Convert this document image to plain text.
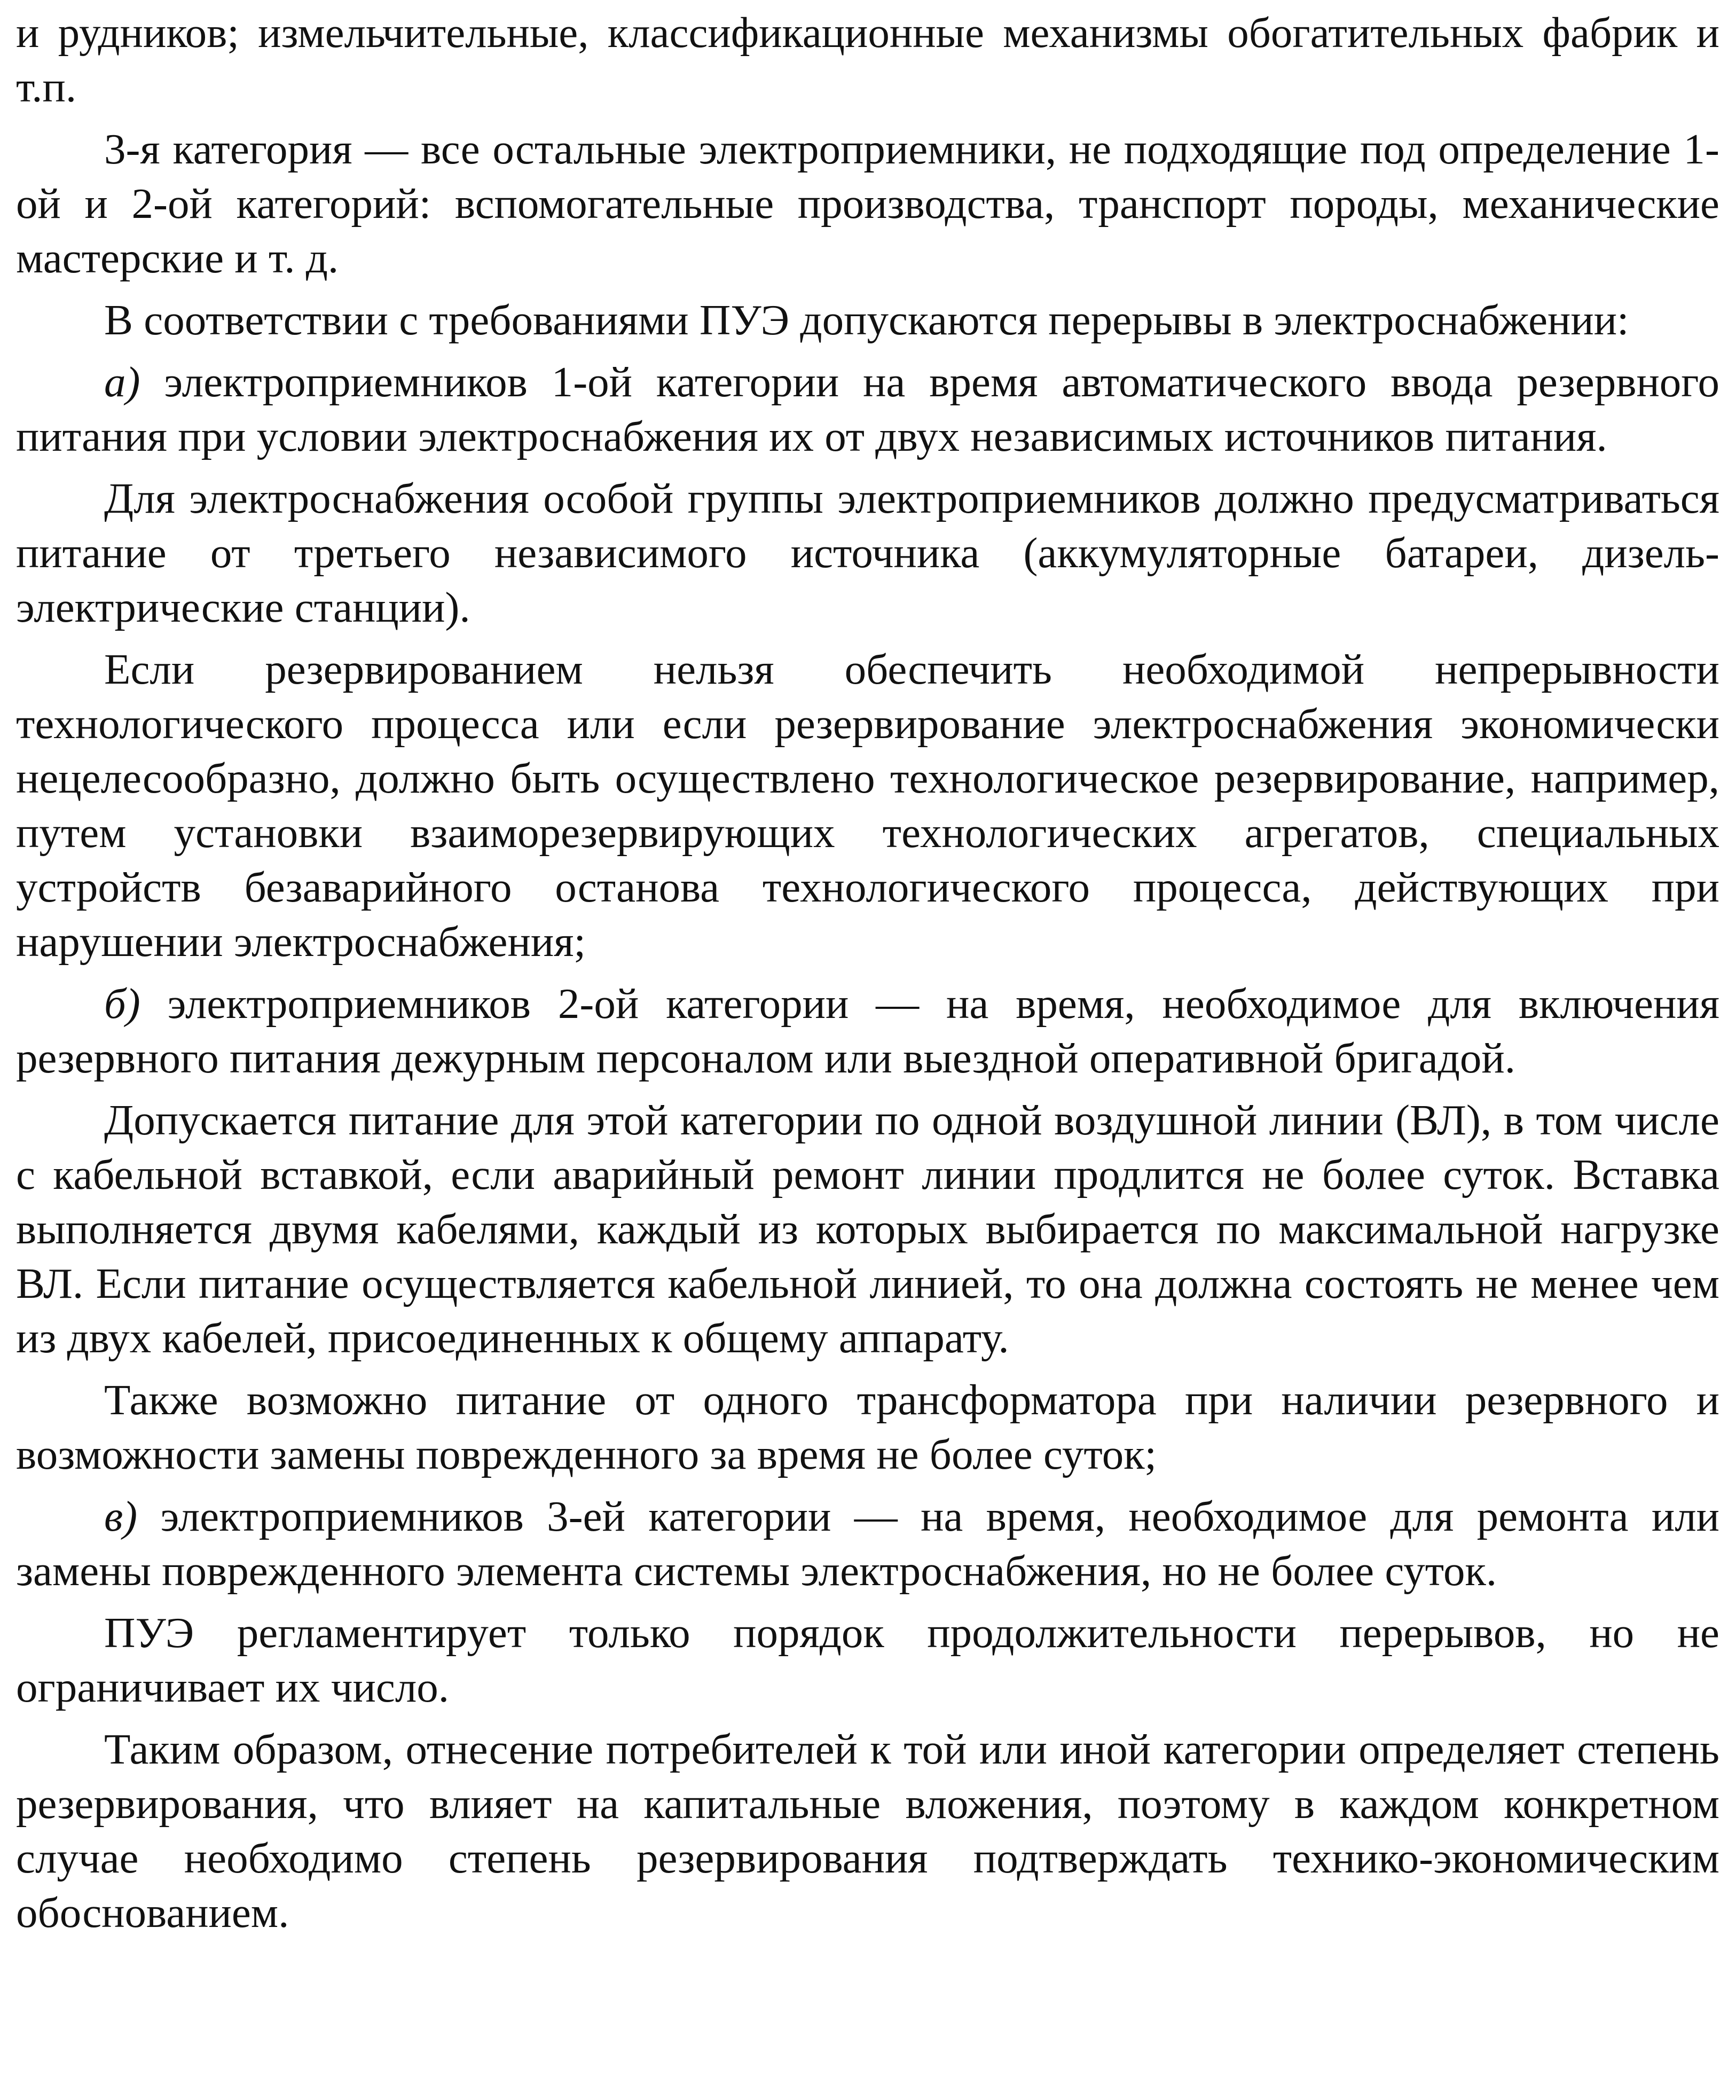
и рудников; измельчительные, классификационные механизмы обогатительных фабрик и т.п.

3-я категория — все остальные электроприемники, не подходящие под определение 1-ой и 2-ой категорий: вспомогательные производства, транспорт породы, механические мастерские и т. д.

В соответствии с требованиями ПУЭ допускаются перерывы в электроснабжении:

а) электроприемников 1-ой категории на время автоматического ввода резервного питания при условии электроснабжения их от двух независимых источников питания.

Для электроснабжения особой группы электроприемников должно предусматриваться питание от третьего независимого источника (аккумуляторные батареи, дизель-электрические станции).

Если резервированием нельзя обеспечить необходимой непрерывности технологического процесса или если резервирование электроснабжения экономически нецелесообразно, должно быть осуществлено технологическое резервирование, например, путем установки взаиморезервирующих технологических агрегатов, специальных устройств безаварийного останова технологического процесса, действующих при нарушении электроснабжения;

б) электроприемников 2-ой категории — на время, необходимое для включения резервного питания дежурным персоналом или выездной оперативной бригадой.

Допускается питание для этой категории по одной воздушной линии (ВЛ), в том числе с кабельной вставкой, если аварийный ремонт линии продлится не более суток. Вставка выполняется двумя кабелями, каждый из которых выбирается по максимальной нагрузке ВЛ. Если питание осуществляется кабельной линией, то она должна состоять не менее чем из двух кабелей, присоединенных к общему аппарату.

Также возможно питание от одного трансформатора при наличии резервного и возможности замены поврежденного за время не более суток;

в) электроприемников 3-ей категории — на время, необходимое для ремонта или замены поврежденного элемента системы электроснабжения, но не более суток.

ПУЭ регламентирует только порядок продолжительности перерывов, но не ограничивает их число.

Таким образом, отнесение потребителей к той или иной категории определяет степень резервирования, что влияет на капитальные вложения, поэтому в каждом конкретном случае необходимо степень резервирования подтверждать технико-экономическим обоснованием.
